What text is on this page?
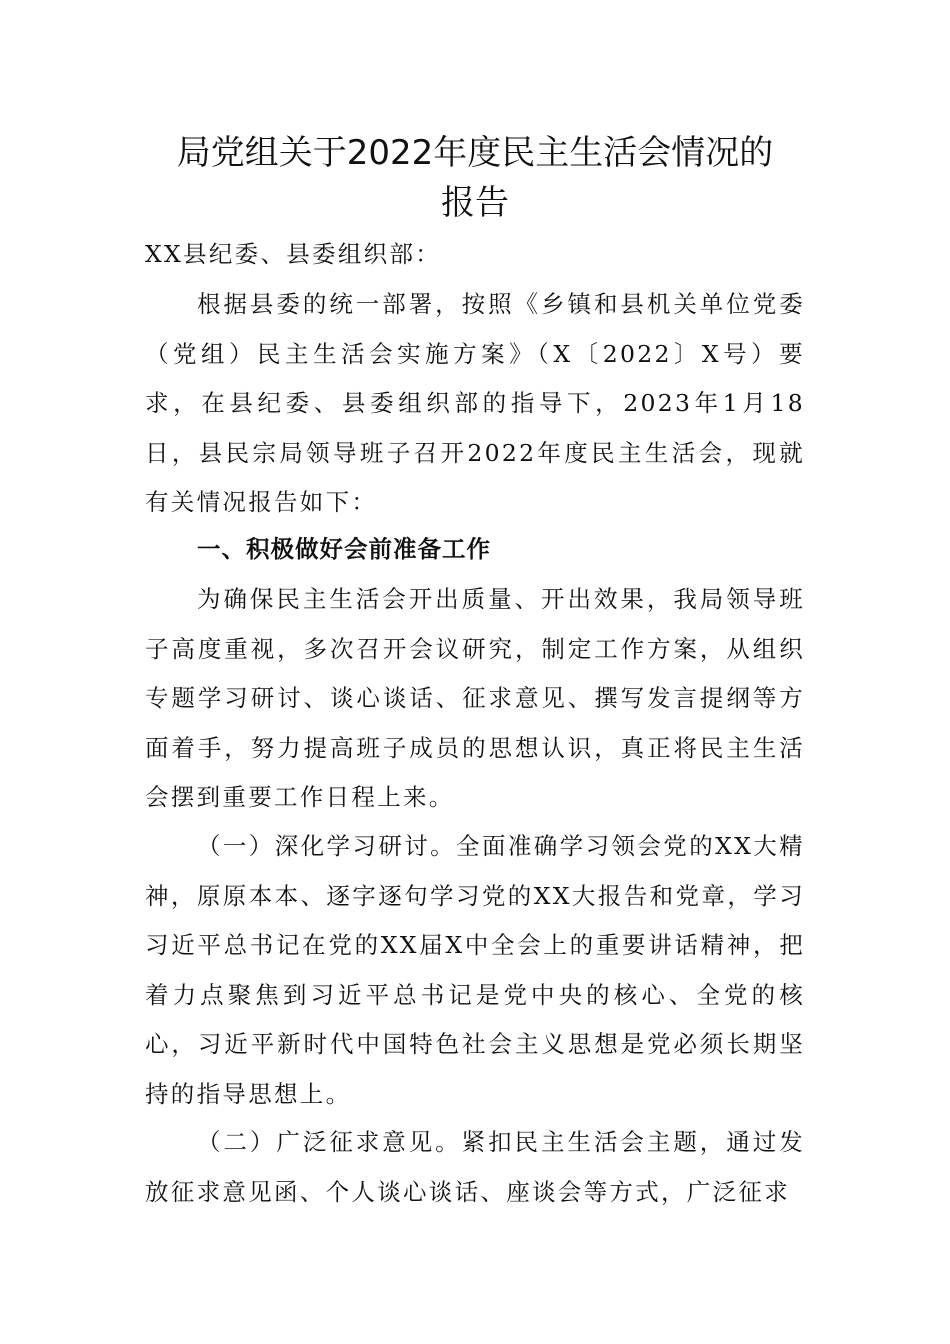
局党组关于2022年度民主生活会情况的
报告

XX县纪委、县委组织部：

根据县委的统一部署，按照《乡镇和县机关单位党委（党组）民主生活会实施方案》（X〔2022〕X号）要求，在县纪委、县委组织部的指导下，2023年1月18日，县民宗局领导班子召开2022年度民主生活会，现就有关情况报告如下：

一、积极做好会前准备工作

为确保民主生活会开出质量、开出效果，我局领导班子高度重视，多次召开会议研究，制定工作方案，从组织专题学习研讨、谈心谈话、征求意见、撰写发言提纲等方面着手，努力提高班子成员的思想认识，真正将民主生活会摆到重要工作日程上来。

（一）深化学习研讨。全面准确学习领会党的XX大精神，原原本本、逐字逐句学习党的XX大报告和党章，学习习近平总书记在党的XX届X中全会上的重要讲话精神，把着力点聚焦到习近平总书记是党中央的核心、全党的核心，习近平新时代中国特色社会主义思想是党必须长期坚持的指导思想上。

（二）广泛征求意见。紧扣民主生活会主题，通过发放征求意见函、个人谈心谈话、座谈会等方式，广泛征求
